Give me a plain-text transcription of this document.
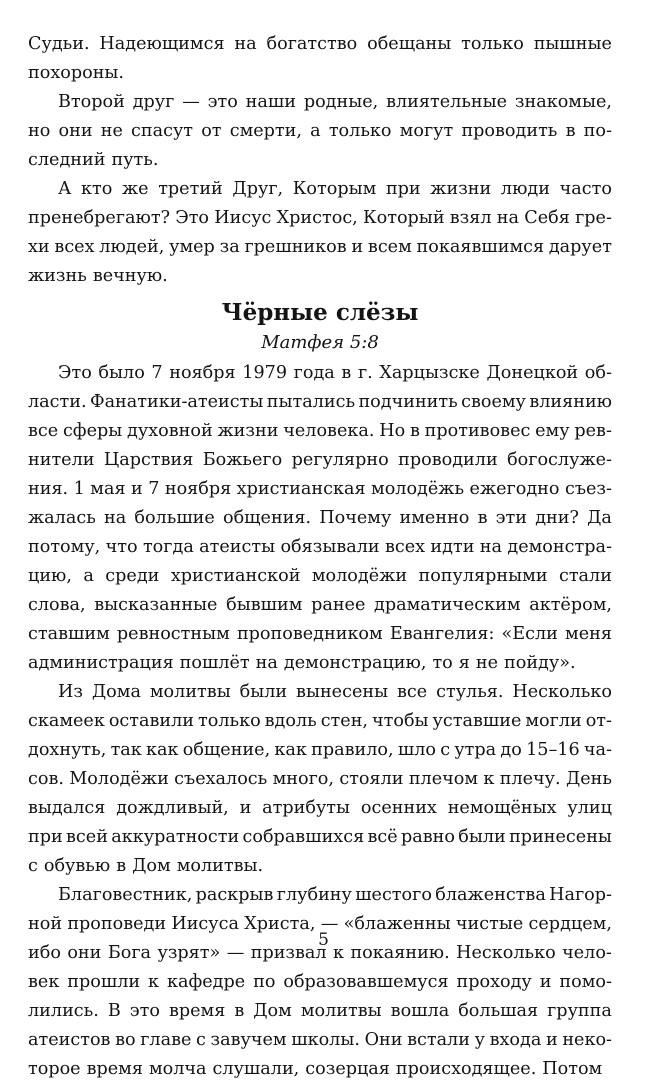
Судьи. Надеющимся на богатство обещаны только пышные
похороны.
Второй друг — это наши родные, влиятельные знакомые,
но они не спасут от смерти, а только могут проводить в по-
следний путь.
А кто же третий Друг, Которым при жизни люди часто
пренебрегают? Это Иисус Христос, Который взял на Себя гре-
хи всех людей, умер за грешников и всем покаявшимся дарует
жизнь вечную.
Чёрные слёзы
Матфея 5:8
Это было 7 ноября 1979 года в г. Харцызске Донецкой об-
ласти. Фанатики-атеисты пытались подчинить своему влиянию
все сферы духовной жизни человека. Но в противовес ему рев-
нители Царствия Божьего регулярно проводили богослуже-
ния. 1 мая и 7 ноября христианская молодёжь ежегодно съез-
жалась на большие общения. Почему именно в эти дни? Да
потому, что тогда атеисты обязывали всех идти на демонстра-
цию, а среди христианской молодёжи популярными стали
слова, высказанные бывшим ранее драматическим актёром,
ставшим ревностным проповедником Евангелия: «Если меня
администрация пошлёт на демонстрацию, то я не пойду».
Из Дома молитвы были вынесены все стулья. Несколько
скамеек оставили только вдоль стен, чтобы уставшие могли от-
дохнуть, так как общение, как правило, шло с утра до 15–16 ча-
сов. Молодёжи съехалось много, стояли плечом к плечу. День
выдался дождливый, и атрибуты осенних немощёных улиц
при всей аккуратности собравшихся всё равно были принесены
с обувью в Дом молитвы.
Благовестник, раскрыв глубину шестого блаженства Нагор-
ной проповеди Иисуса Христа, — «блаженны чистые сердцем,
ибо они Бога узрят» — призвал к покаянию. Несколько чело-
век прошли к кафедре по образовавшемуся проходу и помо-
лились. В это время в Дом молитвы вошла большая группа
атеистов во главе с завучем школы. Они встали у входа и неко-
торое время молча слушали, созерцая происходящее. Потом
5
